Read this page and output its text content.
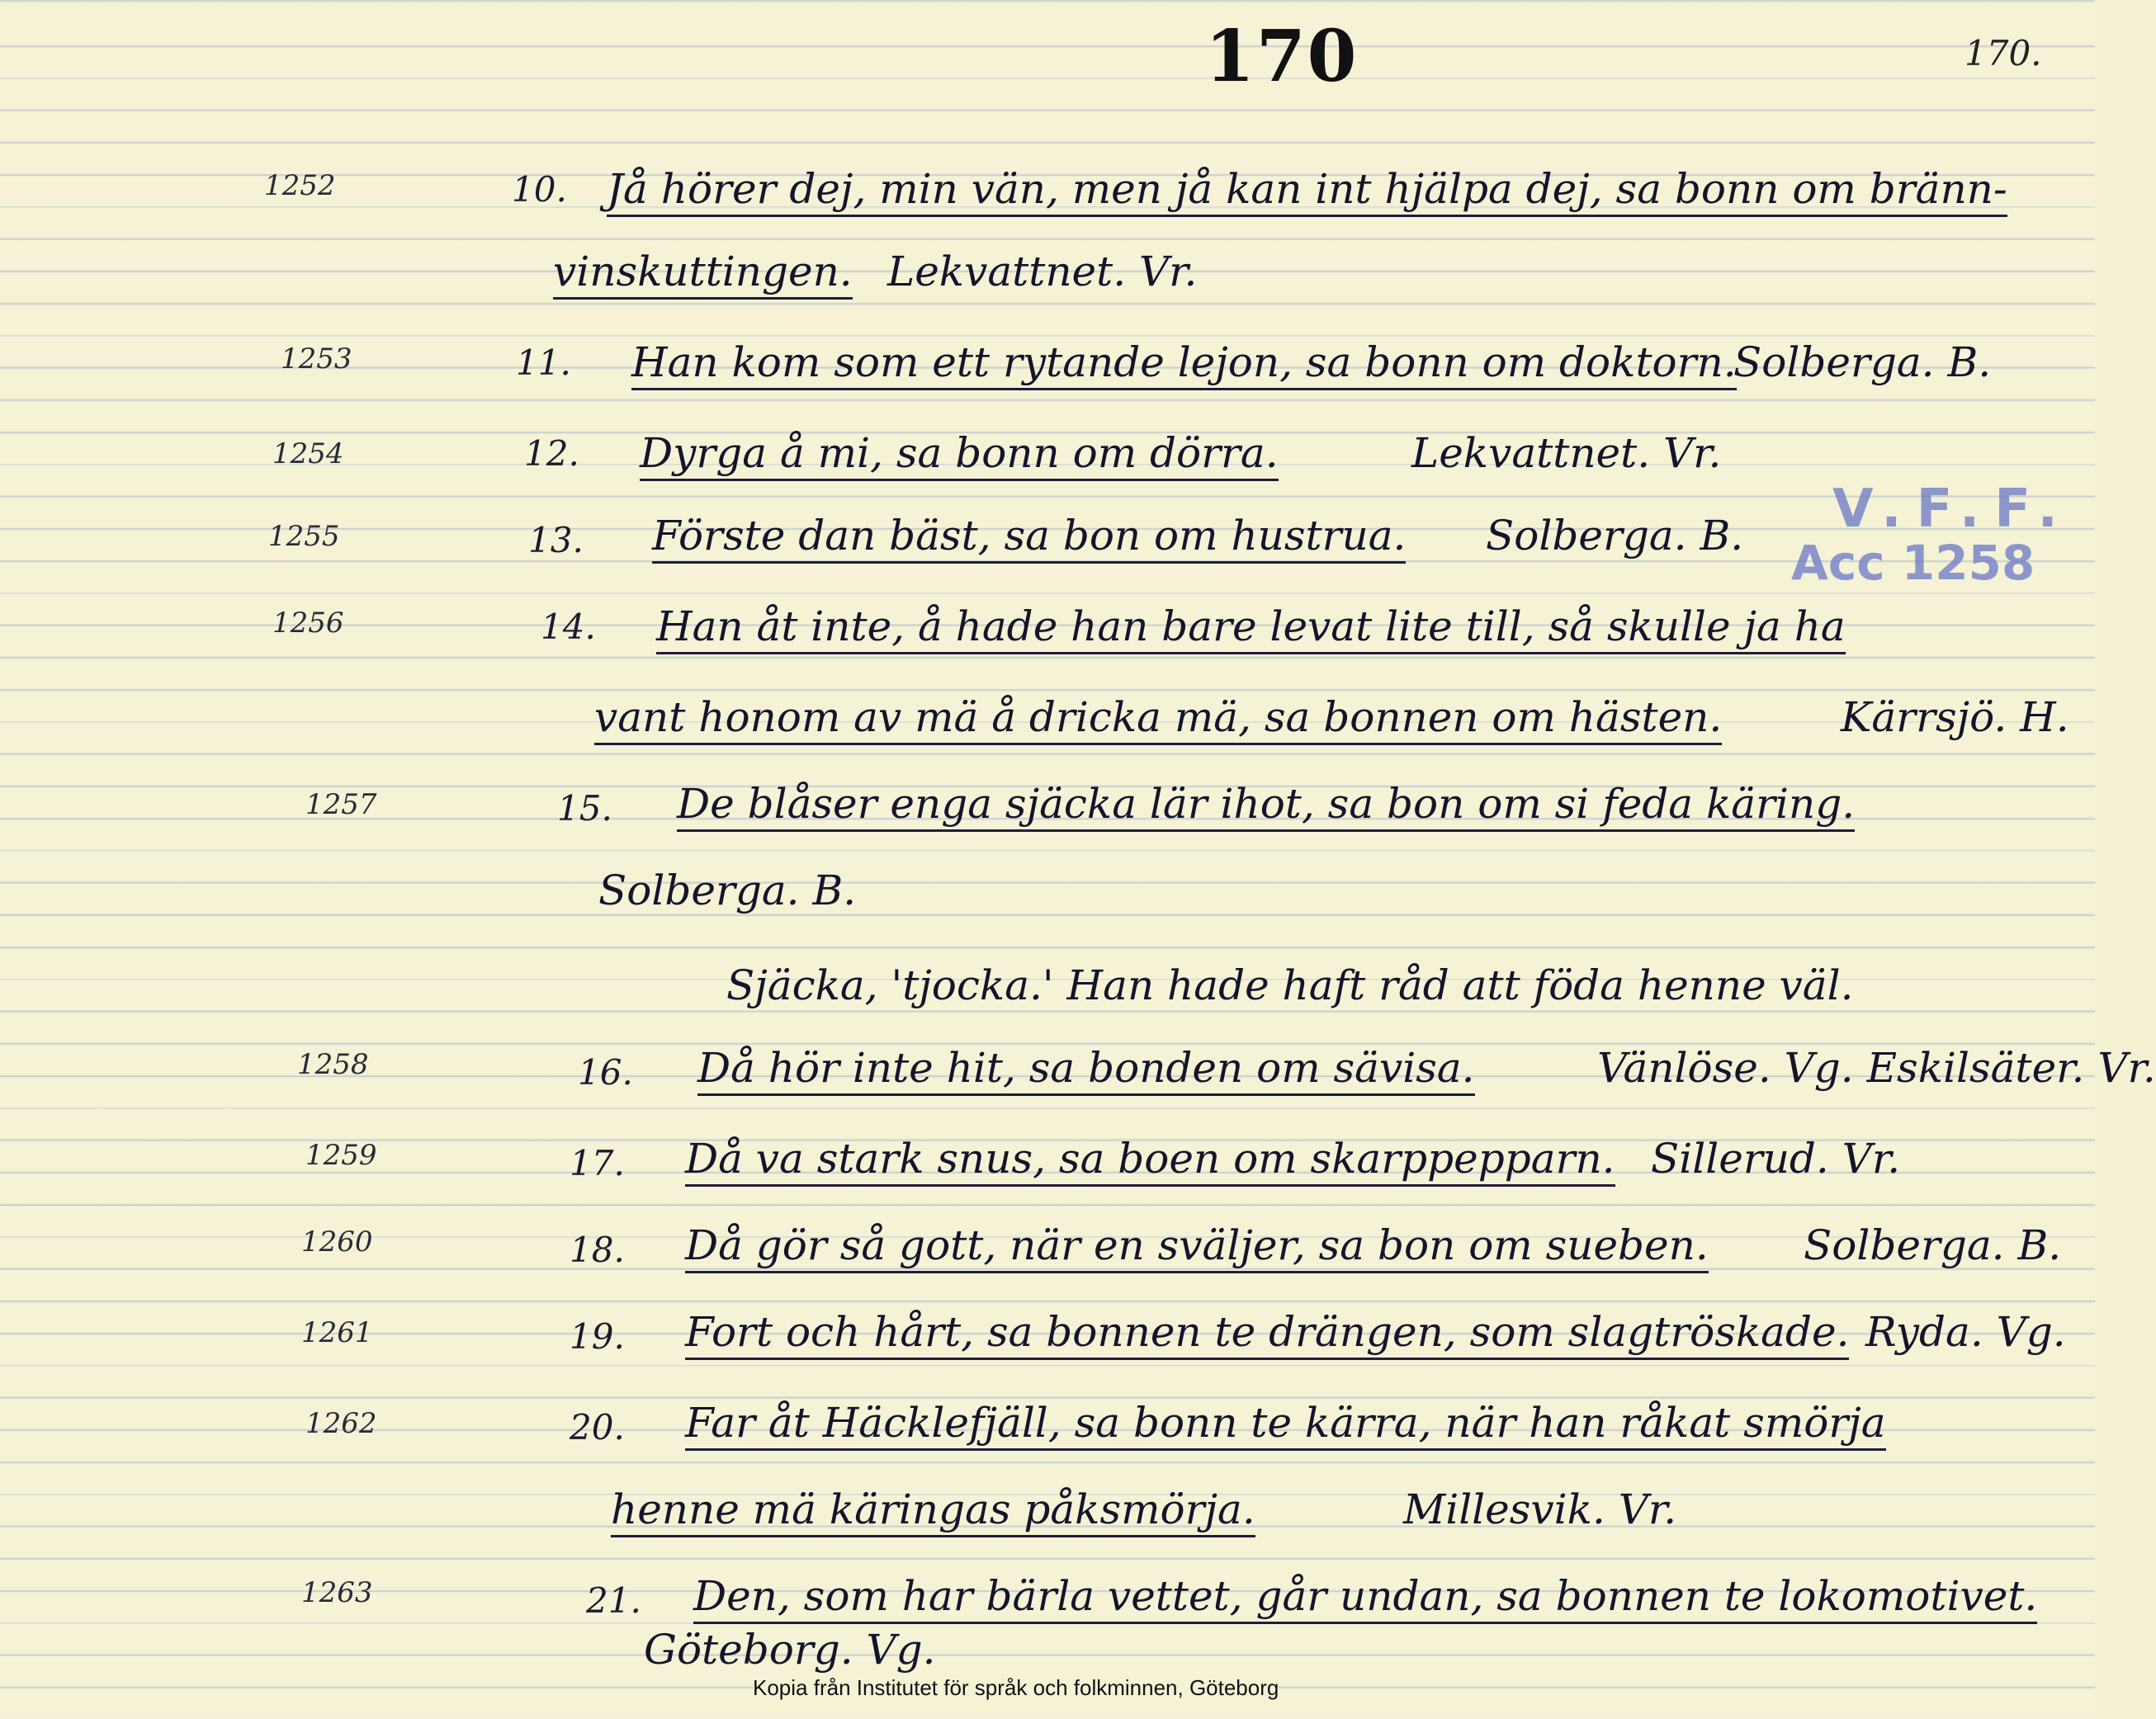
170	170.
V.F.F.
Acc 1258
1252	10. Jå hörer dej, min vän, men jå kan int hjälpa dej, sa bonn om bränn-
vinskuttingen. Lekvattnet. Vr.
1253	11. Han kom som ett rytande lejon, sa bonn om doktorn.
Solberga. B.
1254	12. Dyrga å mi, sa bonn om dörra.	Lekvattnet. Vr.
1255	13. Förste dan bäst, sa bon om hustrua. Solberga. B.
1256	14. Han åt inte, å hade han bare levat lite till, så skulle ja ha
vant honom av mä å dricka mä, sa bonnen om hästen.	Kärrsjö. H.
1257	15. De blåser enga sjäcka lär ihot, sa bon om si feda käring.
Solberga. B.
Sjäcka, 'tjocka.' Han hade haft råd att föda henne väl.
1258	16. Då hör inte hit, sa bonden om sävisa.	Vänlöse. Vg. Eskilsäter. Vr.
1259	17. Då va stark snus, sa boen om skarppepparn. Sillerud. Vr.
1260	18. Då gör så gott, när en sväljer, sa bon om sueben. Solberga. B.
1261	19. Fort och hårt, sa bonnen te drängen, som slagtröskade. Ryda. Vg.
1262	20. Far åt Häcklefjäll, sa bonn te kärra, när han råkat smörja
henne mä käringas påksmörja.	Millesvik. Vr.
1263	21. Den, som har bärla vettet, går undan, sa bonnen te lokomotivet.
Göteborg. Vg.
Kopia från Institutet för språk och folkminnen, Göteborg
